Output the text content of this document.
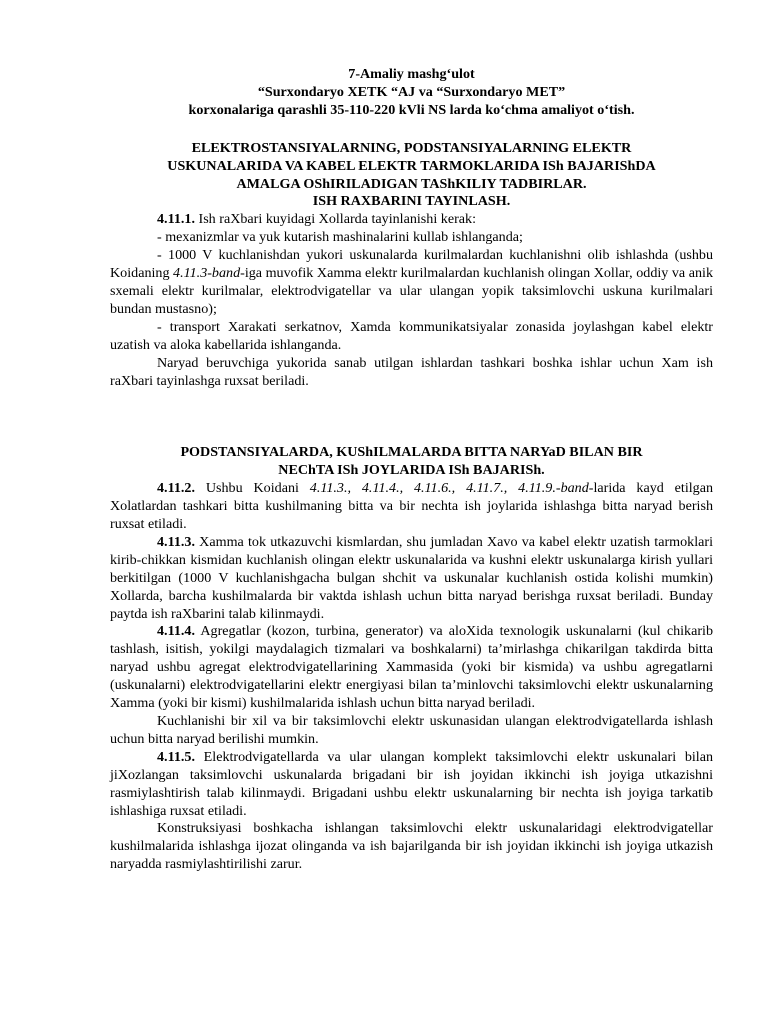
7-Amaliy mashg‘ulot
“Surxondaryo XETK “AJ va “Surxondaryo MET”
korxonalariga qarashli 35-110-220 kVli NS larda ko‘chma amaliyot o‘tish.
ELEKTROSTANSIYALARNING, PODSTANSIYALARNING ELEKTR
USKUNALARIDA VA KABEL ELEKTR TARMOKLARIDA ISh BAJARIShDA
AMALGA OShIRILADIGAN TAShKILIY TADBIRLAR.
ISH RAXBARINI TAYINLASH.

4.11.1. Ish raXbari kuyidagi Xollarda tayinlanishi kerak:

- mexanizmlar va yuk kutarish mashinalarini kullab ishlanganda;

- 1000 V kuchlanishdan yukori uskunalarda kurilmalardan kuchlanishni olib ishlashda (ushbu Koidaning 4.11.3-band-iga muvofik Xamma elektr kurilmalardan kuchlanish olingan Xollar, oddiy va anik sxemali elektr kurilmalar, elektrodvigatellar va ular ulangan yopik taksimlovchi uskuna kurilmalari bundan mustasno);

- transport Xarakati serkatnov, Xamda kommunikatsiyalar zonasida joylashgan kabel elektr uzatish va aloka kabellarida ishlanganda.

Naryad beruvchiga yukorida sanab utilgan ishlardan tashkari boshka ishlar uchun Xam ish raXbari tayinlashga ruxsat beriladi.

PODSTANSIYALARDA, KUShILMALARDA BITTA NARYaD BILAN BIR
NEChTA ISh JOYLARIDA ISh BAJARISh.

4.11.2. Ushbu Koidani 4.11.3., 4.11.4., 4.11.6., 4.11.7., 4.11.9.-band-larida kayd etilgan Xolatlardan tashkari bitta kushilmaning bitta va bir nechta ish joylarida ishlashga bitta naryad berish ruxsat etiladi.

4.11.3. Xamma tok utkazuvchi kismlardan, shu jumladan Xavo va kabel elektr uzatish tarmoklari kirib-chikkan kismidan kuchlanish olingan elektr uskunalarida va kushni elektr uskunalarga kirish yullari berkitilgan (1000 V kuchlanishgacha bulgan shchit va uskunalar kuchlanish ostida kolishi mumkin) Xollarda, barcha kushilmalarda bir vaktda ishlash uchun bitta naryad berishga ruxsat beriladi. Bunday paytda ish raXbarini talab kilinmaydi.

4.11.4. Agregatlar (kozon, turbina, generator) va aloXida texnologik uskunalarni (kul chikarib tashlash, isitish, yokilgi maydalagich tizmalari va boshkalarni) ta’mirlashga chikarilgan takdirda bitta naryad ushbu agregat elektrodvigatellarining Xammasida (yoki bir kismida) va ushbu agregatlarni (uskunalarni) elektrodvigatellarini elektr energiyasi bilan ta’minlovchi taksimlovchi elektr uskunalarning Xamma (yoki bir kismi) kushilmalarida ishlash uchun bitta naryad beriladi.

Kuchlanishi bir xil va bir taksimlovchi elektr uskunasidan ulangan elektrodvigatellarda ishlash uchun bitta naryad berilishi mumkin.

4.11.5. Elektrodvigatellarda va ular ulangan komplekt taksimlovchi elektr uskunalari bilan jiXozlangan taksimlovchi uskunalarda brigadani bir ish joyidan ikkinchi ish joyiga utkazishni rasmiylashtirish talab kilinmaydi. Brigadani ushbu elektr uskunalarning bir nechta ish joyiga tarkatib ishlashiga ruxsat etiladi.

Konstruksiyasi boshkacha ishlangan taksimlovchi elektr uskunalaridagi elektrodvigatellar kushilmalarida ishlashga ijozat olinganda va ish bajarilganda bir ish joyidan ikkinchi ish joyiga utkazish naryadda rasmiylashtirilishi zarur.
